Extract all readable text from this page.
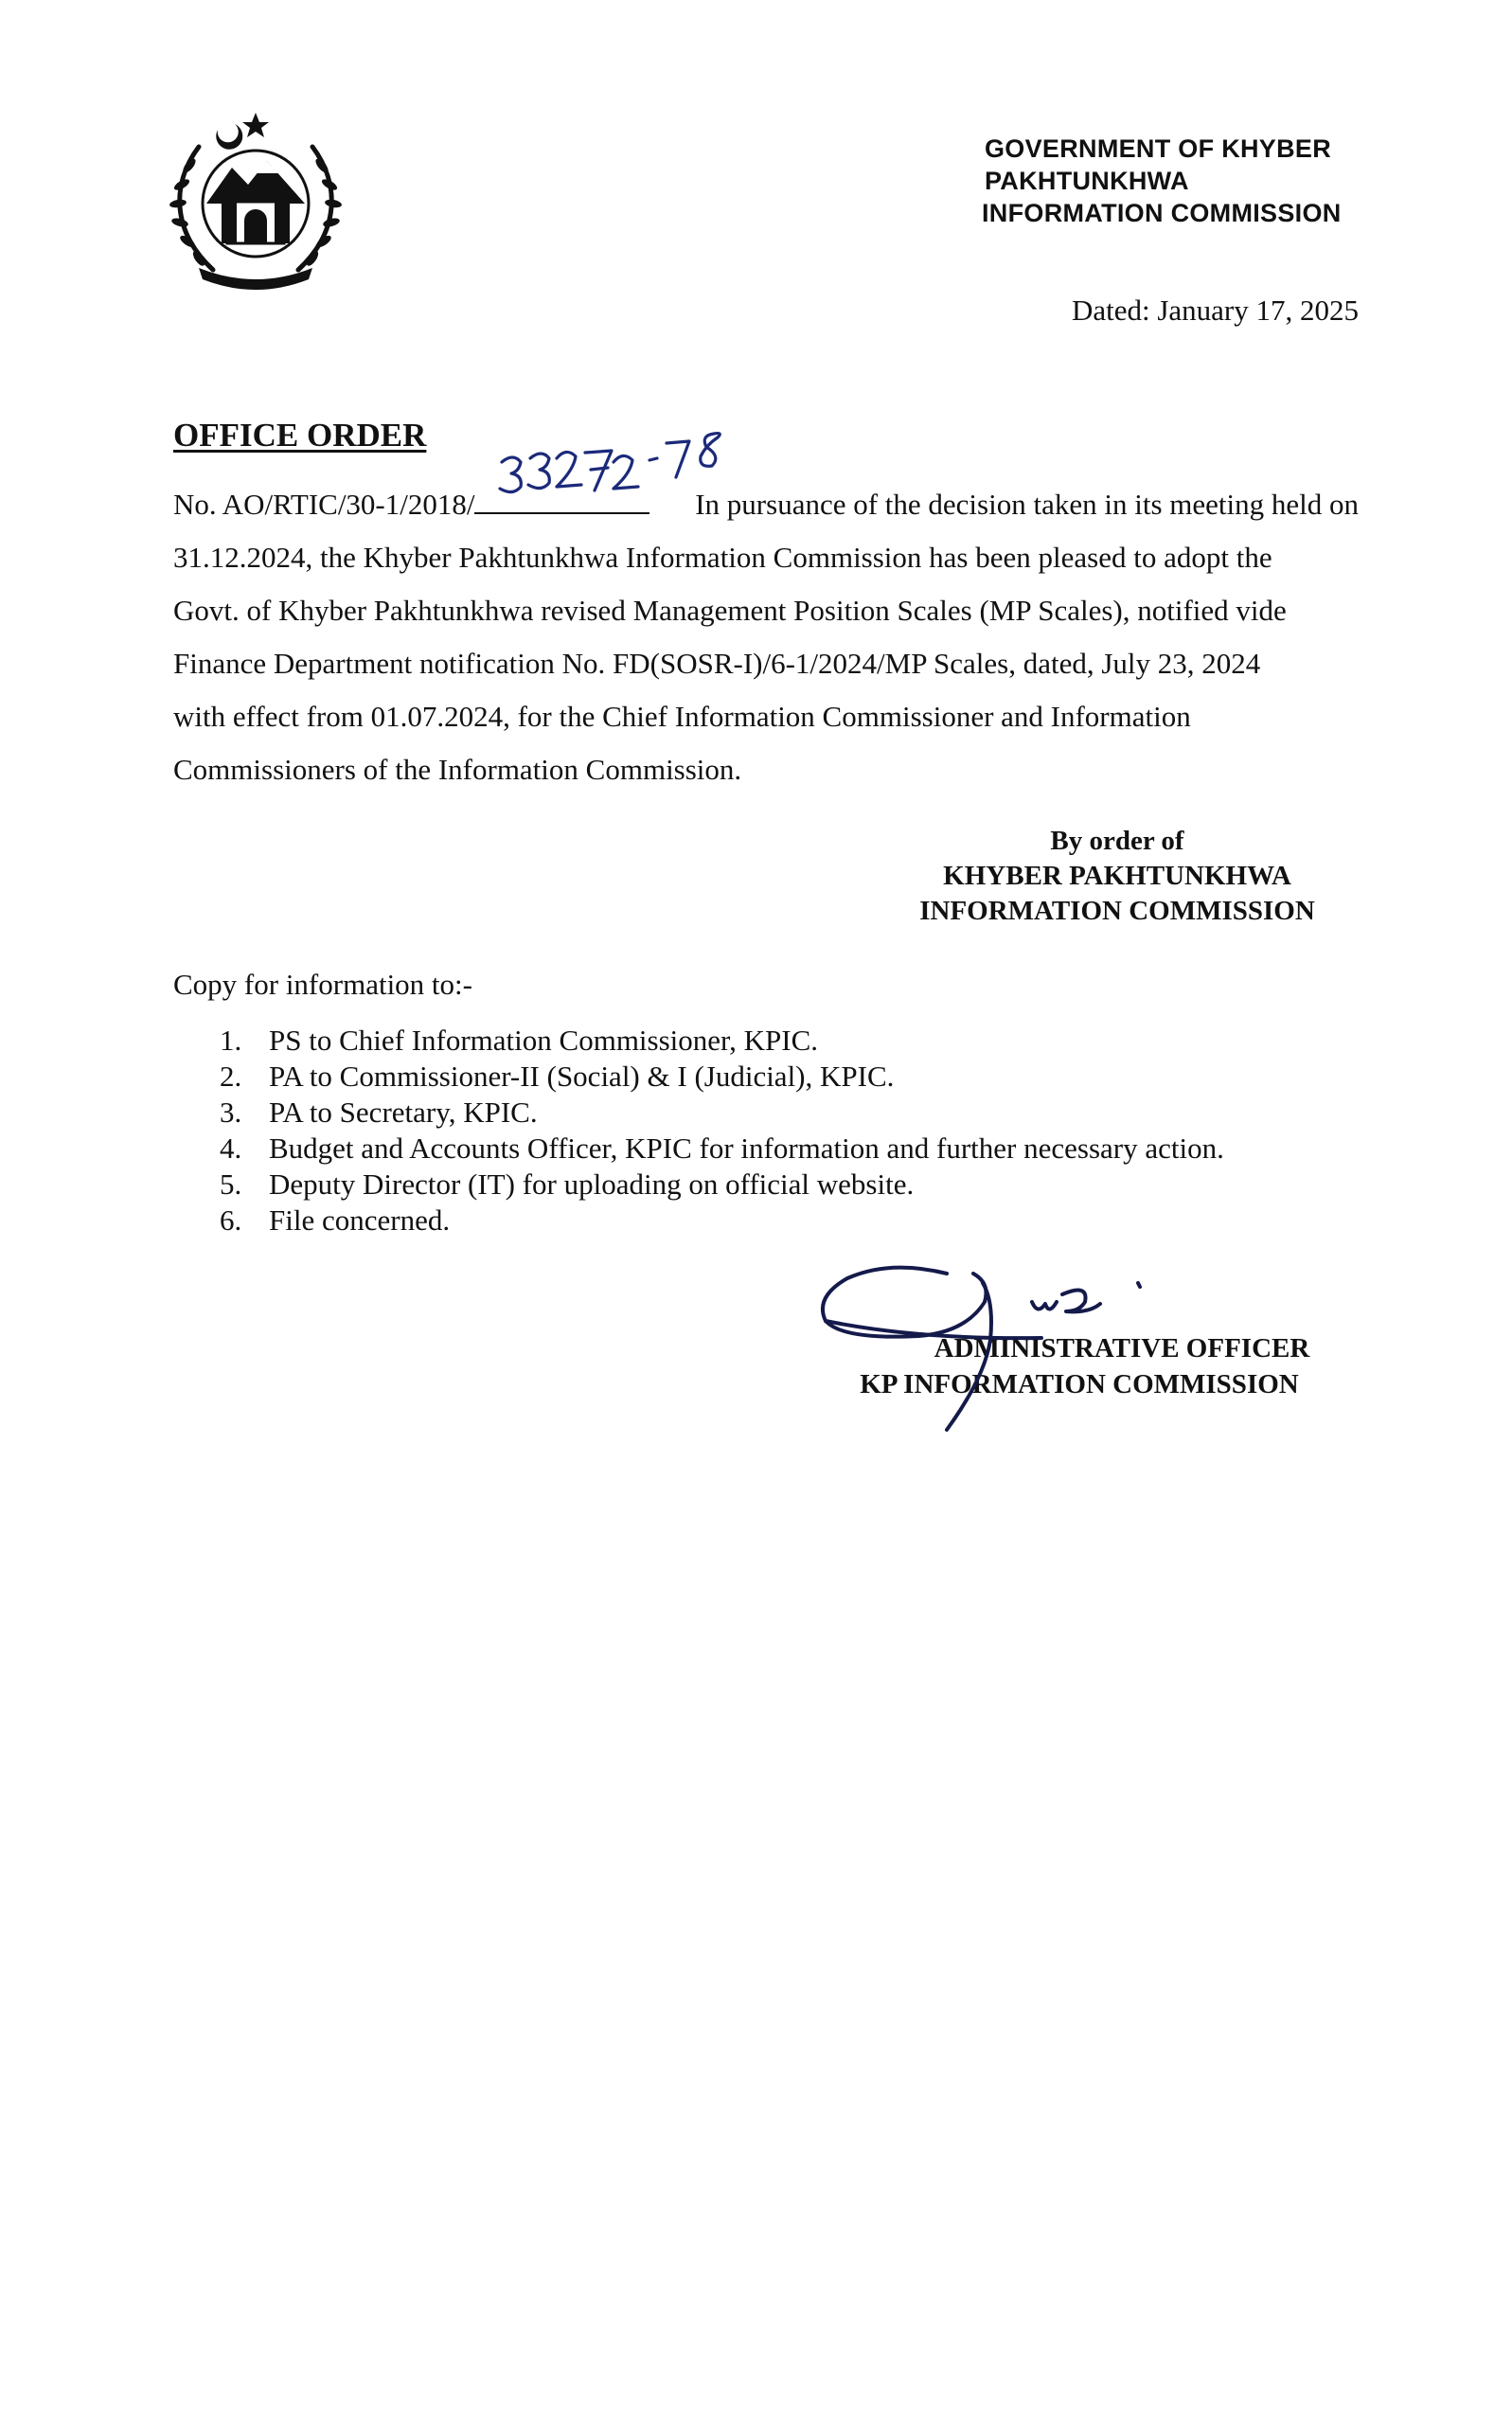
GOVERNMENT OF KHYBER
PAKHTUNKHWA
INFORMATION COMMISSION
Dated: January 17, 2025
OFFICE ORDER
No. AO/RTIC/30-1/2018/	In pursuance of the decision taken in its meeting held on
31.12.2024, the Khyber Pakhtunkhwa Information Commission has been pleased to adopt the
Govt. of Khyber Pakhtunkhwa revised Management Position Scales (MP Scales), notified vide
Finance Department notification No. FD(SOSR-I)/6-1/2024/MP Scales, dated, July 23, 2024
with effect from 01.07.2024, for the Chief Information Commissioner and Information
Commissioners of the Information Commission.
By order of
KHYBER PAKHTUNKHWA
INFORMATION COMMISSION
Copy for information to:-
1. PS to Chief Information Commissioner, KPIC.
2. PA to Commissioner-II (Social) & I (Judicial), KPIC.
3. PA to Secretary, KPIC.
4. Budget and Accounts Officer, KPIC for information and further necessary action.
5. Deputy Director (IT) for uploading on official website.
6. File concerned.
ADMINISTRATIVE OFFICER
KP INFORMATION COMMISSION
